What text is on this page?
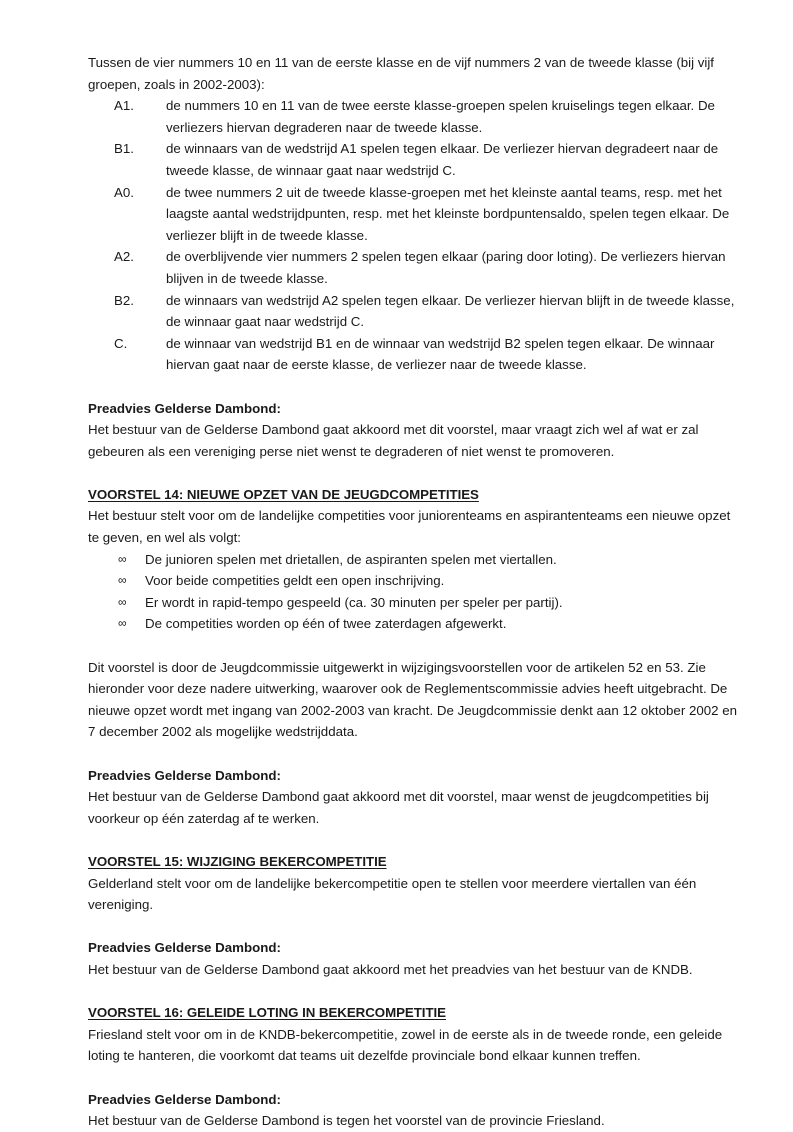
Tussen de vier nummers 10 en 11 van de eerste klasse en de vijf nummers 2 van de tweede klasse (bij vijf groepen, zoals in 2002-2003):

A1.	de nummers 10 en 11 van de twee eerste klasse-groepen spelen kruiselings tegen elkaar. De verliezers hiervan degraderen naar de tweede klasse.
B1.	de winnaars van de wedstrijd A1 spelen tegen elkaar. De verliezer hiervan degradeert naar de tweede klasse, de winnaar gaat naar wedstrijd C.
A0.	de twee nummers 2 uit de tweede klasse-groepen met het kleinste aantal teams, resp. met het laagste aantal wedstrijdpunten, resp. met het kleinste bordpuntensaldo, spelen tegen elkaar. De verliezer blijft in de tweede klasse.
A2.	de overblijvende vier nummers 2 spelen tegen elkaar (paring door loting). De verliezers hiervan blijven in de tweede klasse.
B2.	de winnaars van wedstrijd A2 spelen tegen elkaar. De verliezer hiervan blijft in de tweede klasse, de winnaar gaat naar wedstrijd C.
C.	de winnaar van wedstrijd B1 en de winnaar van wedstrijd B2 spelen tegen elkaar. De winnaar hiervan gaat naar de eerste klasse, de verliezer naar de tweede klasse.

Preadvies Gelderse Dambond:

Het bestuur van de Gelderse Dambond gaat akkoord met dit voorstel, maar vraagt zich wel af wat er zal gebeuren als een vereniging perse niet wenst te degraderen of niet wenst te promoveren.

VOORSTEL 14: NIEUWE OPZET VAN DE JEUGDCOMPETITIES

Het bestuur stelt voor om de landelijke competities voor juniorenteams en aspirantenteams een nieuwe opzet te geven, en wel als volgt:

∞ De junioren spelen met drietallen, de aspiranten spelen met viertallen.
∞ Voor beide competities geldt een open inschrijving.
∞ Er wordt in rapid-tempo gespeeld (ca. 30 minuten per speler per partij).
∞ De competities worden op één of twee zaterdagen afgewerkt.

Dit voorstel is door de Jeugdcommissie uitgewerkt in wijzigingsvoorstellen voor de artikelen 52 en 53. Zie hieronder voor deze nadere uitwerking, waarover ook de Reglementscommissie advies heeft uitgebracht. De nieuwe opzet wordt met ingang van 2002-2003 van kracht. De Jeugdcommissie denkt aan 12 oktober 2002 en 7 december 2002 als mogelijke wedstrijddata.

Preadvies Gelderse Dambond:

Het bestuur van de Gelderse Dambond gaat akkoord met dit voorstel, maar wenst de jeugdcompetities bij voorkeur op één zaterdag af te werken.

VOORSTEL 15: WIJZIGING BEKERCOMPETITIE

Gelderland stelt voor om de landelijke bekercompetitie open te stellen voor meerdere viertallen van één vereniging.

Preadvies Gelderse Dambond:

Het bestuur van de Gelderse Dambond gaat akkoord met het preadvies van het bestuur van de KNDB.

VOORSTEL 16: GELEIDE LOTING IN BEKERCOMPETITIE

Friesland stelt voor om in de KNDB-bekercompetitie, zowel in de eerste als in de tweede ronde, een geleide loting te hanteren, die voorkomt dat teams uit dezelfde provinciale bond elkaar kunnen treffen.

Preadvies Gelderse Dambond:

Het bestuur van de Gelderse Dambond is tegen het voorstel van de provincie Friesland.
